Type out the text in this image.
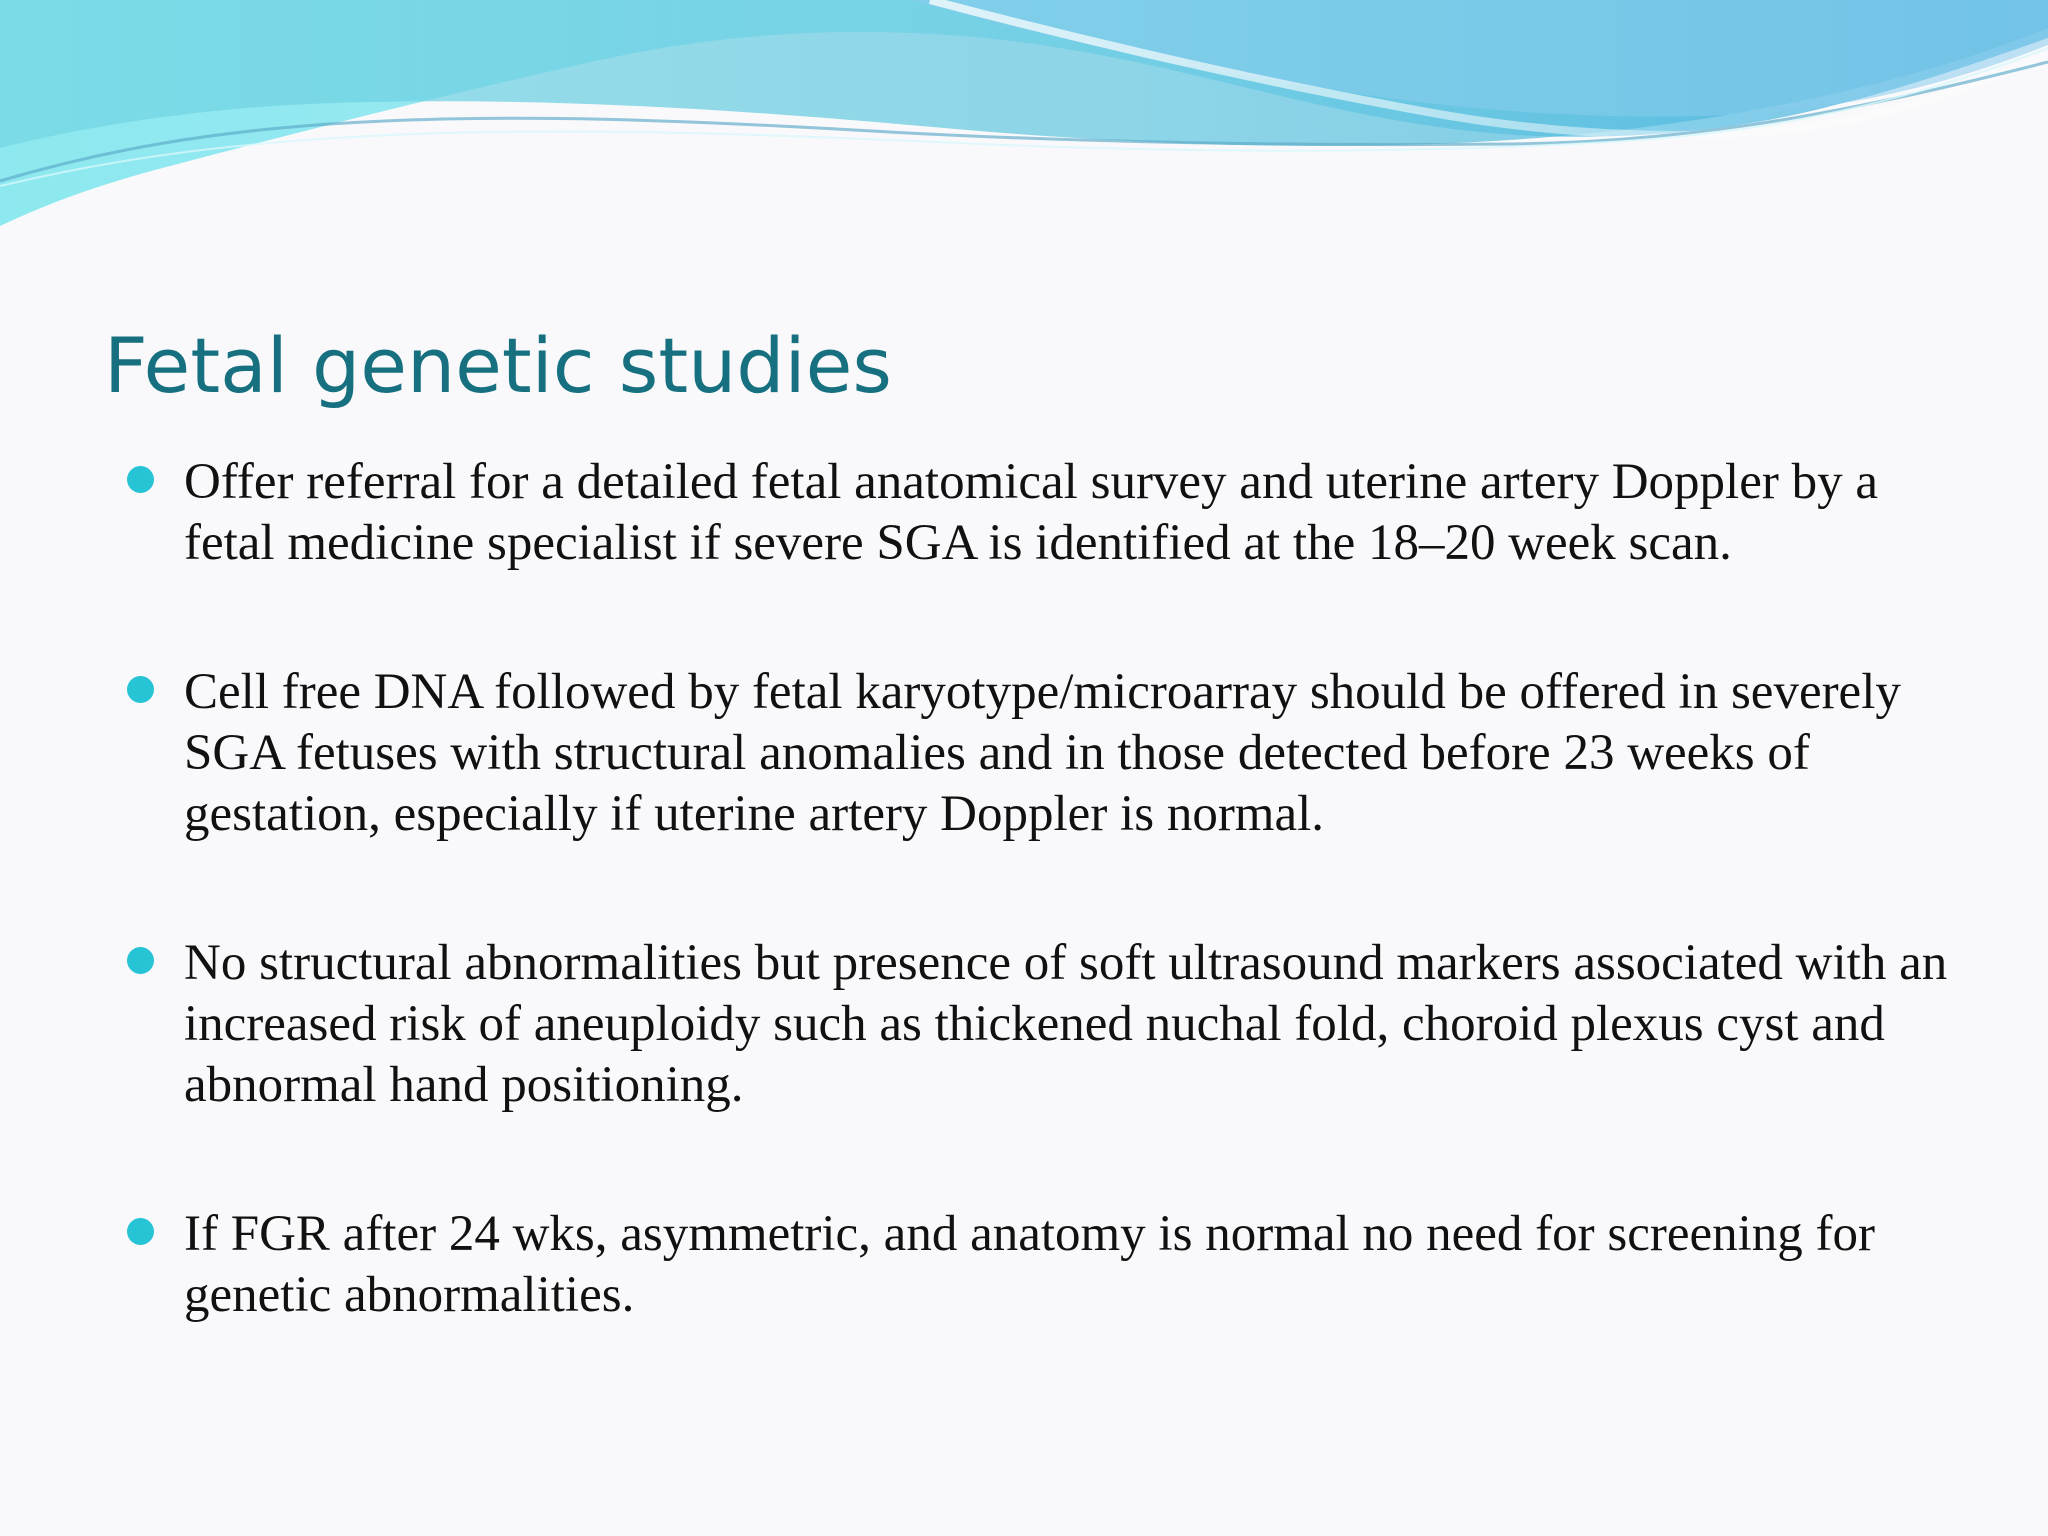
Fetal genetic studies
Offer referral for a detailed fetal anatomical survey and uterine artery Doppler by a fetal medicine specialist if severe SGA is identified at the 18–20 week scan.
Cell free DNA followed by fetal karyotype/microarray should be offered in severely SGA fetuses with structural anomalies and in those detected before 23 weeks of gestation, especially if uterine artery Doppler is normal.
No structural abnormalities but presence of soft ultrasound markers associated with an increased risk of aneuploidy such as thickened nuchal fold, choroid plexus cyst and abnormal hand positioning.
If FGR after 24 wks, asymmetric, and anatomy is normal no need for screening for genetic abnormalities.
